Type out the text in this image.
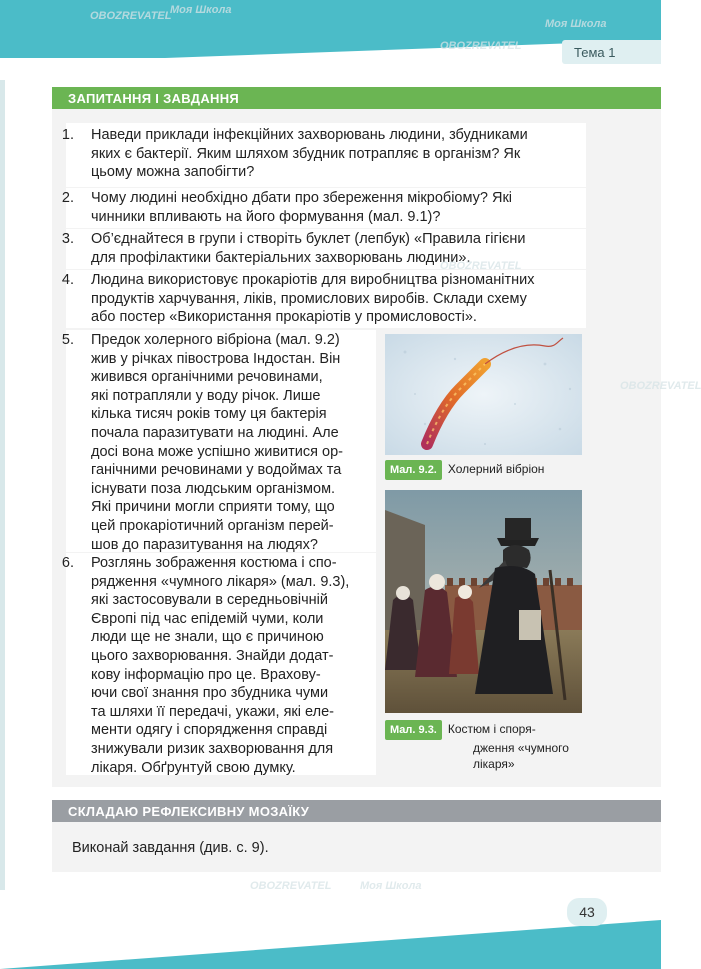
Тема 1
ЗАПИТАННЯ І ЗАВДАННЯ
1. Наведи приклади інфекційних захворювань людини, збудниками
яких є бактерії. Яким шляхом збудник потрапляє в організм? Як
цьому можна запобігти?
2. Чому людині необхідно дбати про збереження мікробіому? Які
чинники впливають на його формування (мал. 9.1)?
3. Об’єднайтеся в групи і створіть буклет (лепбук) «Правила гігієни
для профілактики бактеріальних захворювань людини».
4. Людина використовує прокаріотів для виробництва різноманітних
продуктів харчування, ліків, промислових виробів. Склади схему
або постер «Використання прокаріотів у промисловості».
5. Предок холерного вібріона (мал. 9.2)
жив у річках півострова Індостан. Він
живився органічними речовинами,
які потрапляли у воду річок. Лише
кілька тисяч років тому ця бактерія
почала паразитувати на людині. Але
досі вона може успішно живитися ор-
ганічними речовинами у водоймах та
існувати поза людським організмом.
Які причини могли сприяти тому, що
цей прокаріотичний організм перей-
шов до паразитування на людях?
6. Розглянь зображення костюма і спо-
рядження «чумного лікаря» (мал. 9.3),
які застосовували в середньовічній
Європі під час епідемій чуми, коли
люди ще не знали, що є причиною
цього захворювання. Знайди додат-
кову інформацію про це. Врахову-
ючи свої знання про збудника чуми
та шляхи її передачі, укажи, які еле-
менти одягу і спорядження справді
знижували ризик захворювання для
лікаря. Обґрунтуй свою думку.
Мал. 9.2. Холерний вібріон
Мал. 9.3. Костюм і спoря-
дження «чумного
лікаря»
СКЛАДАЮ РЕФЛЕКСИВНУ МОЗАЇКУ
Виконай завдання (див. с. 9).
43
Моя Школа
OBOZREVATEL
Моя Школа
OBOZREVATEL
OBOZREVATEL
OBOZREVATEL
OBOZREVATEL	Моя Школа
